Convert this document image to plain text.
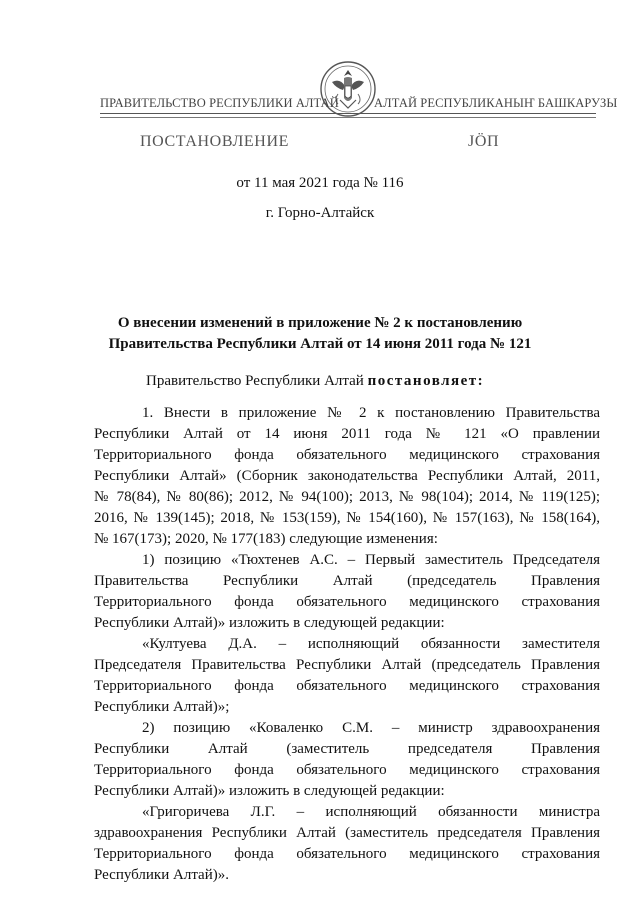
ПРАВИТЕЛЬСТВО РЕСПУБЛИКИ АЛТАЙ	АЛТАЙ РЕСПУБЛИКАНЫҤ БАШКАРУЗЫ
ПОСТАНОВЛЕНИЕ	ЈÖП
от 11 мая 2021 года № 116
г. Горно-Алтайск
О внесении изменений в приложение № 2 к постановлению
Правительства Республики Алтай от 14 июня 2011 года № 121
Правительство Республики Алтай постановляет:
1. Внести в приложение № 2 к постановлению Правительства
Республики Алтай от 14 июня 2011 года № 121 «О правлении
Территориального фонда обязательного медицинского страхования
Республики Алтай» (Сборник законодательства Республики Алтай, 2011,
№ 78(84), № 80(86); 2012, № 94(100); 2013, № 98(104); 2014, № 119(125);
2016, № 139(145); 2018, № 153(159), № 154(160), № 157(163), № 158(164),
№ 167(173); 2020, № 177(183) следующие изменения:
1) позицию «Тюхтенев А.С. – Первый заместитель Председателя
Правительства Республики Алтай (председатель Правления
Территориального фонда обязательного медицинского страхования
Республики Алтай)» изложить в следующей редакции:
«Култуева Д.А. – исполняющий обязанности заместителя
Председателя Правительства Республики Алтай (председатель Правления
Территориального фонда обязательного медицинского страхования
Республики Алтай)»;
2) позицию «Коваленко С.М. – министр здравоохранения
Республики Алтай (заместитель председателя Правления
Территориального фонда обязательного медицинского страхования
Республики Алтай)» изложить в следующей редакции:
«Григоричева Л.Г. – исполняющий обязанности министра
здравоохранения Республики Алтай (заместитель председателя Правления
Территориального фонда обязательного медицинского страхования
Республики Алтай)».
